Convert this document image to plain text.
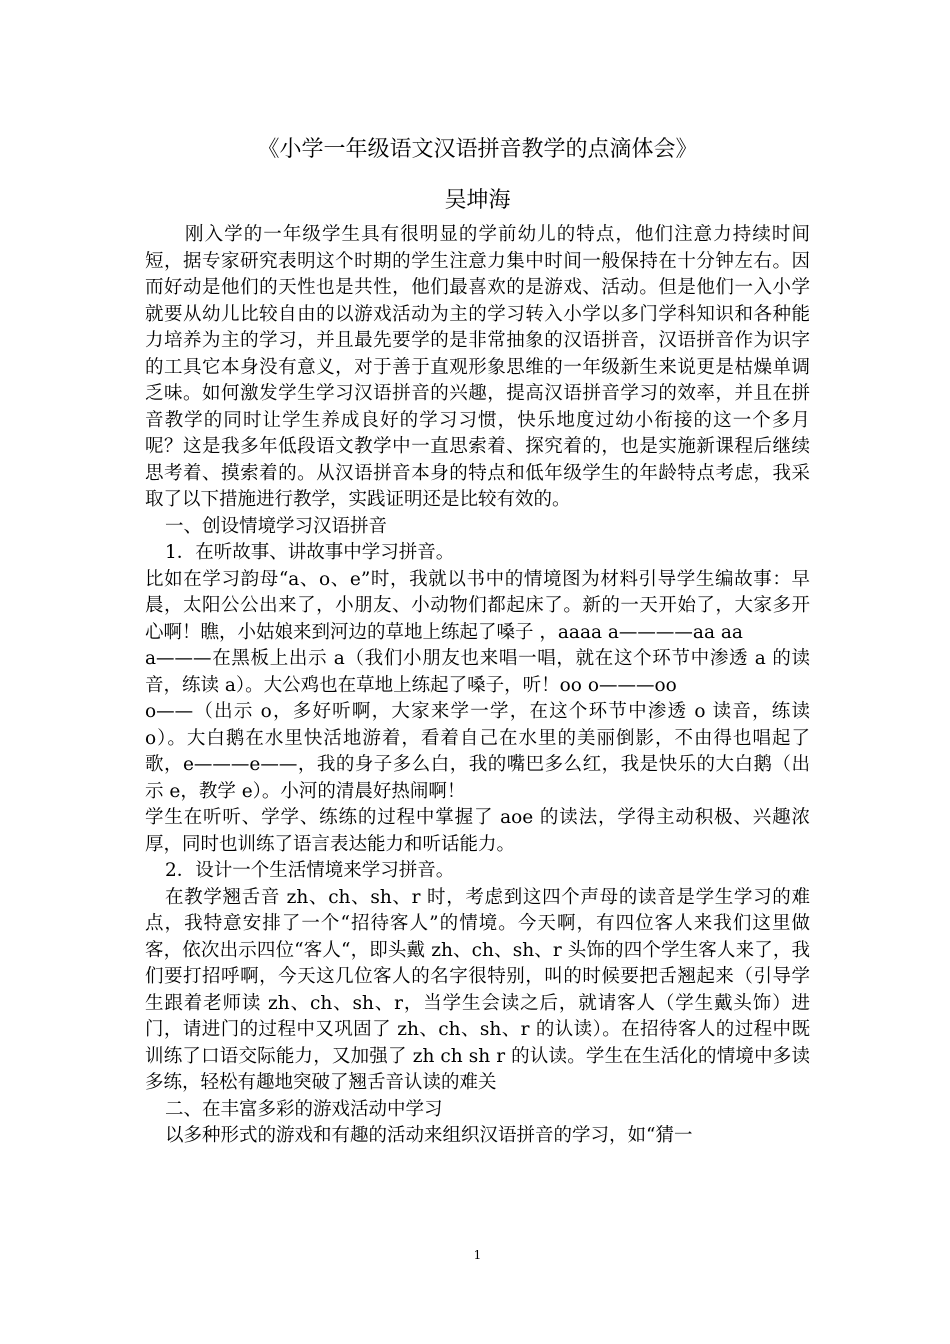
《小学一年级语文汉语拼音教学的点滴体会》
吴坤海

刚入学的一年级学生具有很明显的学前幼儿的特点，他们注意力持续时间短，据专家研究表明这个时期的学生注意力集中时间一般保持在十分钟左右。因而好动是他们的天性也是共性，他们最喜欢的是游戏、活动。但是他们一入小学就要从幼儿比较自由的以游戏活动为主的学习转入小学以多门学科知识和各种能力培养为主的学习，并且最先要学的是非常抽象的汉语拼音，汉语拼音作为识字的工具它本身没有意义，对于善于直观形象思维的一年级新生来说更是枯燥单调乏味。如何激发学生学习汉语拼音的兴趣，提高汉语拼音学习的效率，并且在拼音教学的同时让学生养成良好的学习习惯，快乐地度过幼小衔接的这一个多月呢？这是我多年低段语文教学中一直思索着、探究着的，也是实施新课程后继续思考着、摸索着的。从汉语拼音本身的特点和低年级学生的年龄特点考虑，我采取了以下措施进行教学，实践证明还是比较有效的。

一、创设情境学习汉语拼音

1．在听故事、讲故事中学习拼音。

比如在学习韵母“a、o、e”时，我就以书中的情境图为材料引导学生编故事：早晨，太阳公公出来了，小朋友、小动物们都起床了。新的一天开始了，大家多开心啊！瞧，小姑娘来到河边的草地上练起了嗓子 ，aaaa a————aa aa

a———在黑板上出示 a（我们小朋友也来唱一唱，就在这个环节中渗透 a 的读音，练读 a）。大公鸡也在草地上练起了嗓子，听！oo o———oo

o——（出示 o，多好听啊，大家来学一学，在这个环节中渗透 o 读音，练读 o）。大白鹅在水里快活地游着，看着自己在水里的美丽倒影，不由得也唱起了歌，e———e——，我的身子多么白，我的嘴巴多么红，我是快乐的大白鹅（出示 e，教学 e）。小河的清晨好热闹啊！

学生在听听、学学、练练的过程中掌握了 aoe 的读法，学得主动积极、兴趣浓厚，同时也训练了语言表达能力和听话能力。

2．设计一个生活情境来学习拼音。

在教学翘舌音 zh、ch、sh、r 时，考虑到这四个声母的读音是学生学习的难点，我特意安排了一个“招待客人”的情境。今天啊，有四位客人来我们这里做客，依次出示四位“客人“，即头戴 zh、ch、sh、r 头饰的四个学生客人来了，我们要打招呼啊，今天这几位客人的名字很特别，叫的时候要把舌翘起来（引导学生跟着老师读 zh、ch、sh、r，当学生会读之后，就请客人（学生戴头饰）进门，请进门的过程中又巩固了 zh、ch、sh、r 的认读）。在招待客人的过程中既训练了口语交际能力，又加强了 zh ch sh r 的认读。学生在生活化的情境中多读多练，轻松有趣地突破了翘舌音认读的难关

二、在丰富多彩的游戏活动中学习

以多种形式的游戏和有趣的活动来组织汉语拼音的学习，如“猜一

1
